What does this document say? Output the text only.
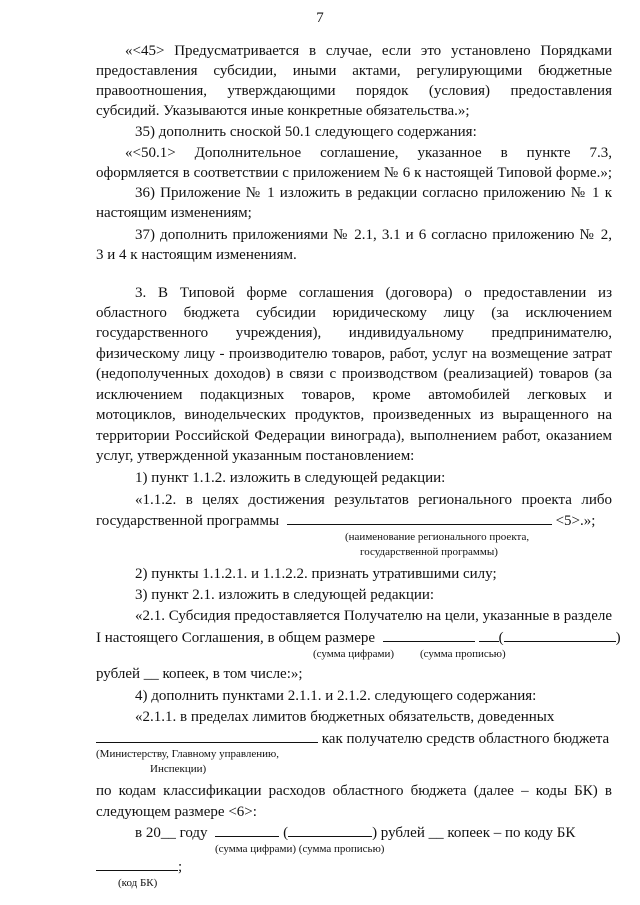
7

«<45> Предусматривается в случае, если это установлено Порядками

предоставления субсидии, иными актами, регулирующими бюджетные

правоотношения, утверждающими порядок (условия) предоставления

субсидий. Указываются иные конкретные обязательства.»;

35) дополнить сноской 50.1 следующего содержания:

«<50.1> Дополнительное соглашение, указанное в пункте 7.3,

оформляется в соответствии с приложением № 6 к настоящей Типовой форме.»;

36) Приложение № 1 изложить в редакции согласно приложению № 1 к

настоящим изменениям;

37) дополнить приложениями № 2.1, 3.1 и 6 согласно приложению № 2,

3 и 4 к настоящим изменениям.

3. В Типовой форме соглашения (договора) о предоставлении из

областного бюджета субсидии юридическому лицу (за исключением

государственного учреждения), индивидуальному предпринимателю,

физическому лицу - производителю товаров, работ, услуг на возмещение затрат

(недополученных доходов) в связи с производством (реализацией) товаров (за

исключением подакцизных товаров, кроме автомобилей легковых и

мотоциклов, винодельческих продуктов, произведенных из выращенного на

территории Российской Федерации винограда), выполнением работ, оказанием

услуг, утвержденной указанным постановлением:

1) пункт 1.1.2. изложить в следующей редакции:

«1.1.2. в целях достижения результатов регионального проекта либо

государственной программы	<5>.»;

(наименование регионального проекта,
государственной программы)

2) пункты 1.1.2.1. и 1.1.2.2. признать утратившими силу;

3) пункт 2.1. изложить в следующей редакции:

«2.1. Субсидия предоставляется Получателю на цели, указанные в разделе

I настоящего Соглашения, в общем размере	(	)

(сумма цифрами) (сумма прописью)

рублей __ копеек, в том числе:»;

4) дополнить пунктами 2.1.1. и 2.1.2. следующего содержания:

«2.1.1. в пределах лимитов бюджетных обязательств, доведенных

как получателю средств областного бюджета

(Министерству, Главному управлению,
Инспекции)

по кодам классификации расходов областного бюджета (далее – коды БК) в

следующем размере <6>:

в 20__ году	(	) рублей __ копеек – по коду БК

(сумма цифрами) (сумма прописью)

;

(код БК)
